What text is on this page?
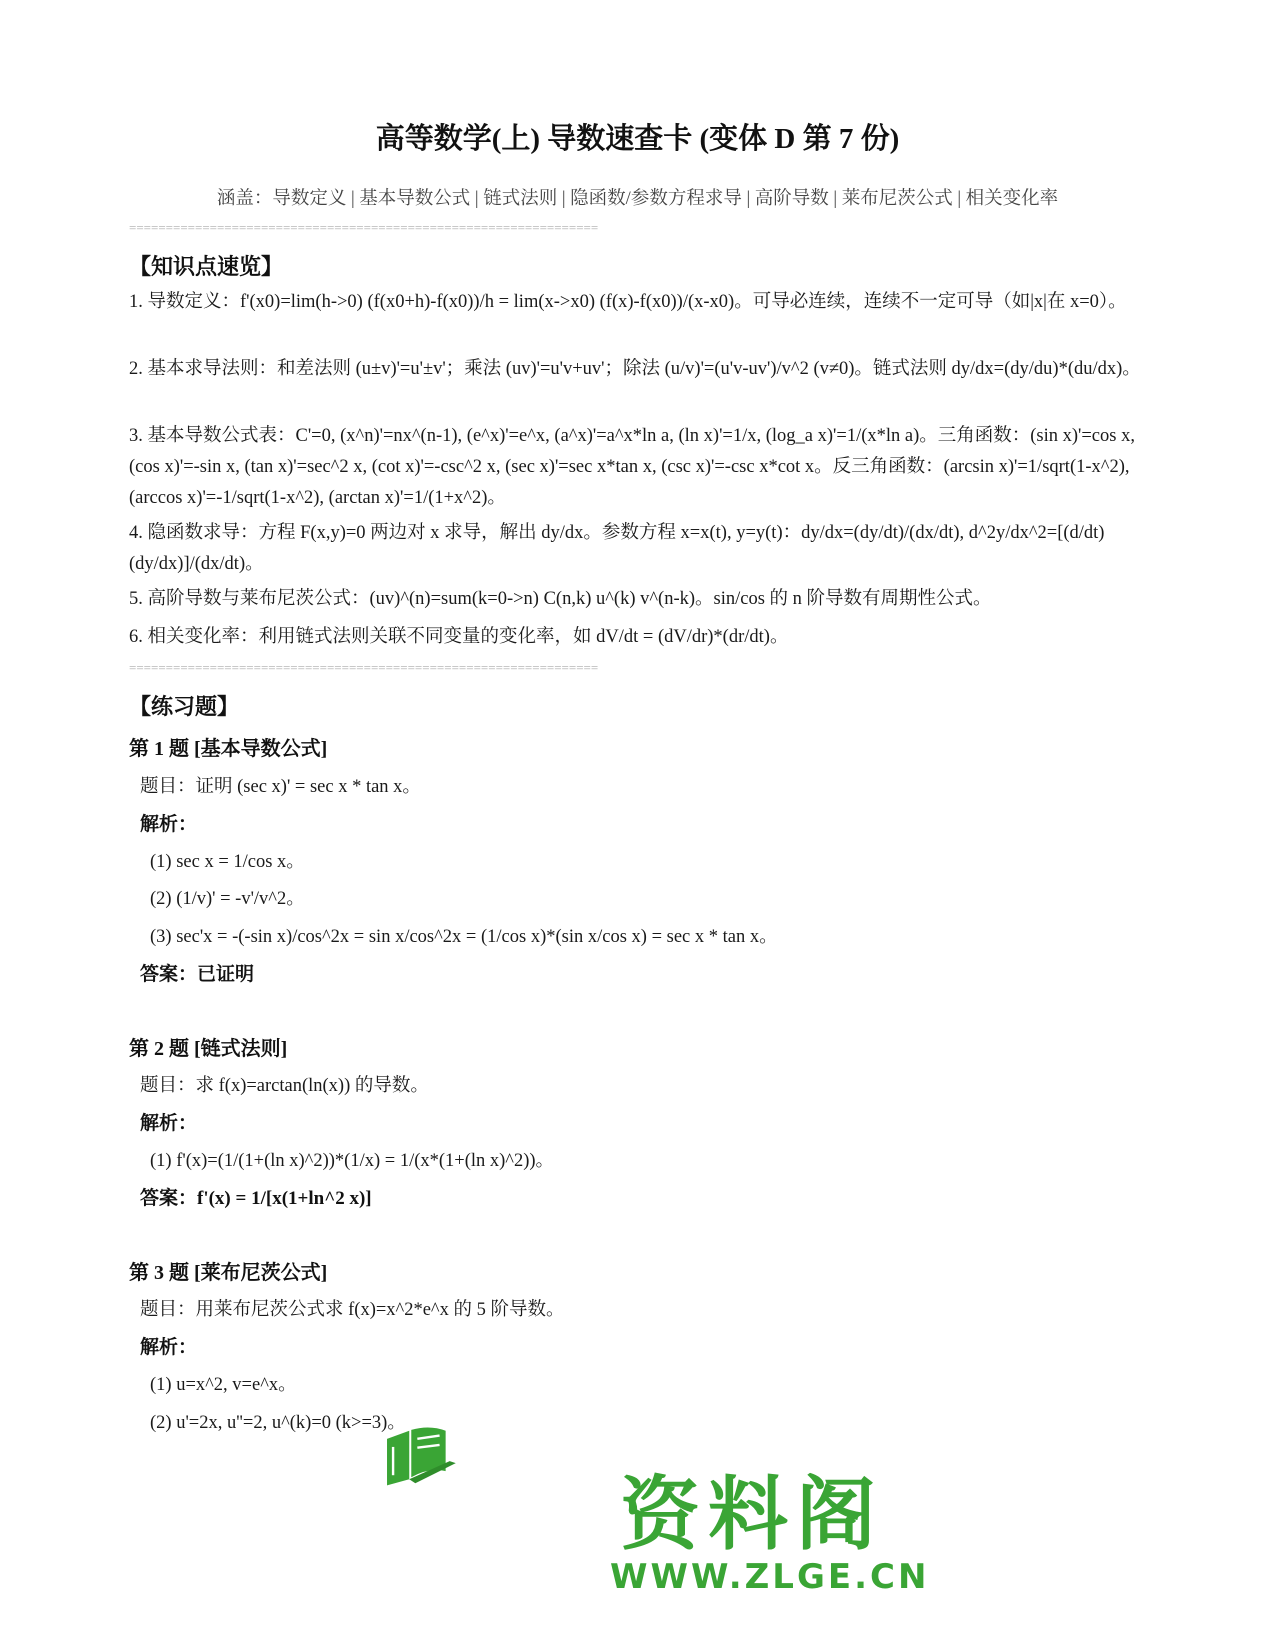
高等数学(上) 导数速查卡 (变体 D 第 7 份)
涵盖：导数定义 | 基本导数公式 | 链式法则 | 隐函数/参数方程求导 | 高阶导数 | 莱布尼茨公式 | 相关变化率
================================================================
【知识点速览】
1. 导数定义：f'(x0)=lim(h->0) (f(x0+h)-f(x0))/h = lim(x->x0) (f(x)-f(x0))/(x-x0)。可导必连续，连续不一定可导（如|x|在 x=0）。
2. 基本求导法则：和差法则 (u±v)'=u'±v'；乘法 (uv)'=u'v+uv'；除法 (u/v)'=(u'v-uv')/v^2 (v≠0)。链式法则 dy/dx=(dy/du)*(du/dx)。
3. 基本导数公式表：C'=0, (x^n)'=nx^(n-1), (e^x)'=e^x, (a^x)'=a^x*ln a, (ln x)'=1/x, (log_a x)'=1/(x*ln a)。三角函数：(sin x)'=cos x, (cos x)'=-sin x, (tan x)'=sec^2 x, (cot x)'=-csc^2 x, (sec x)'=sec x*tan x, (csc x)'=-csc x*cot x。反三角函数：(arcsin x)'=1/sqrt(1-x^2), (arccos x)'=-1/sqrt(1-x^2), (arctan x)'=1/(1+x^2)。
4. 隐函数求导：方程 F(x,y)=0 两边对 x 求导，解出 dy/dx。参数方程 x=x(t), y=y(t)：dy/dx=(dy/dt)/(dx/dt), d^2y/dx^2=[(d/dt)(dy/dx)]/(dx/dt)。
5. 高阶导数与莱布尼茨公式：(uv)^(n)=sum(k=0->n) C(n,k) u^(k) v^(n-k)。sin/cos 的 n 阶导数有周期性公式。
6. 相关变化率：利用链式法则关联不同变量的变化率，如 dV/dt = (dV/dr)*(dr/dt)。
================================================================
【练习题】
第 1 题 [基本导数公式]
题目：证明 (sec x)' = sec x * tan x。
解析：
(1) sec x = 1/cos x。
(2) (1/v)' = -v'/v^2。
(3) sec'x = -(-sin x)/cos^2x = sin x/cos^2x = (1/cos x)*(sin x/cos x) = sec x * tan x。
答案：已证明
第 2 题 [链式法则]
题目：求 f(x)=arctan(ln(x)) 的导数。
解析：
(1) f'(x)=(1/(1+(ln x)^2))*(1/x) = 1/(x*(1+(ln x)^2))。
答案：f'(x) = 1/[x(1+ln^2 x)]
第 3 题 [莱布尼茨公式]
题目：用莱布尼茨公式求 f(x)=x^2*e^x 的 5 阶导数。
解析：
(1) u=x^2, v=e^x。
(2) u'=2x, u''=2, u^(k)=0 (k>=3)。
资料阁
WWW.ZLGE.CN
